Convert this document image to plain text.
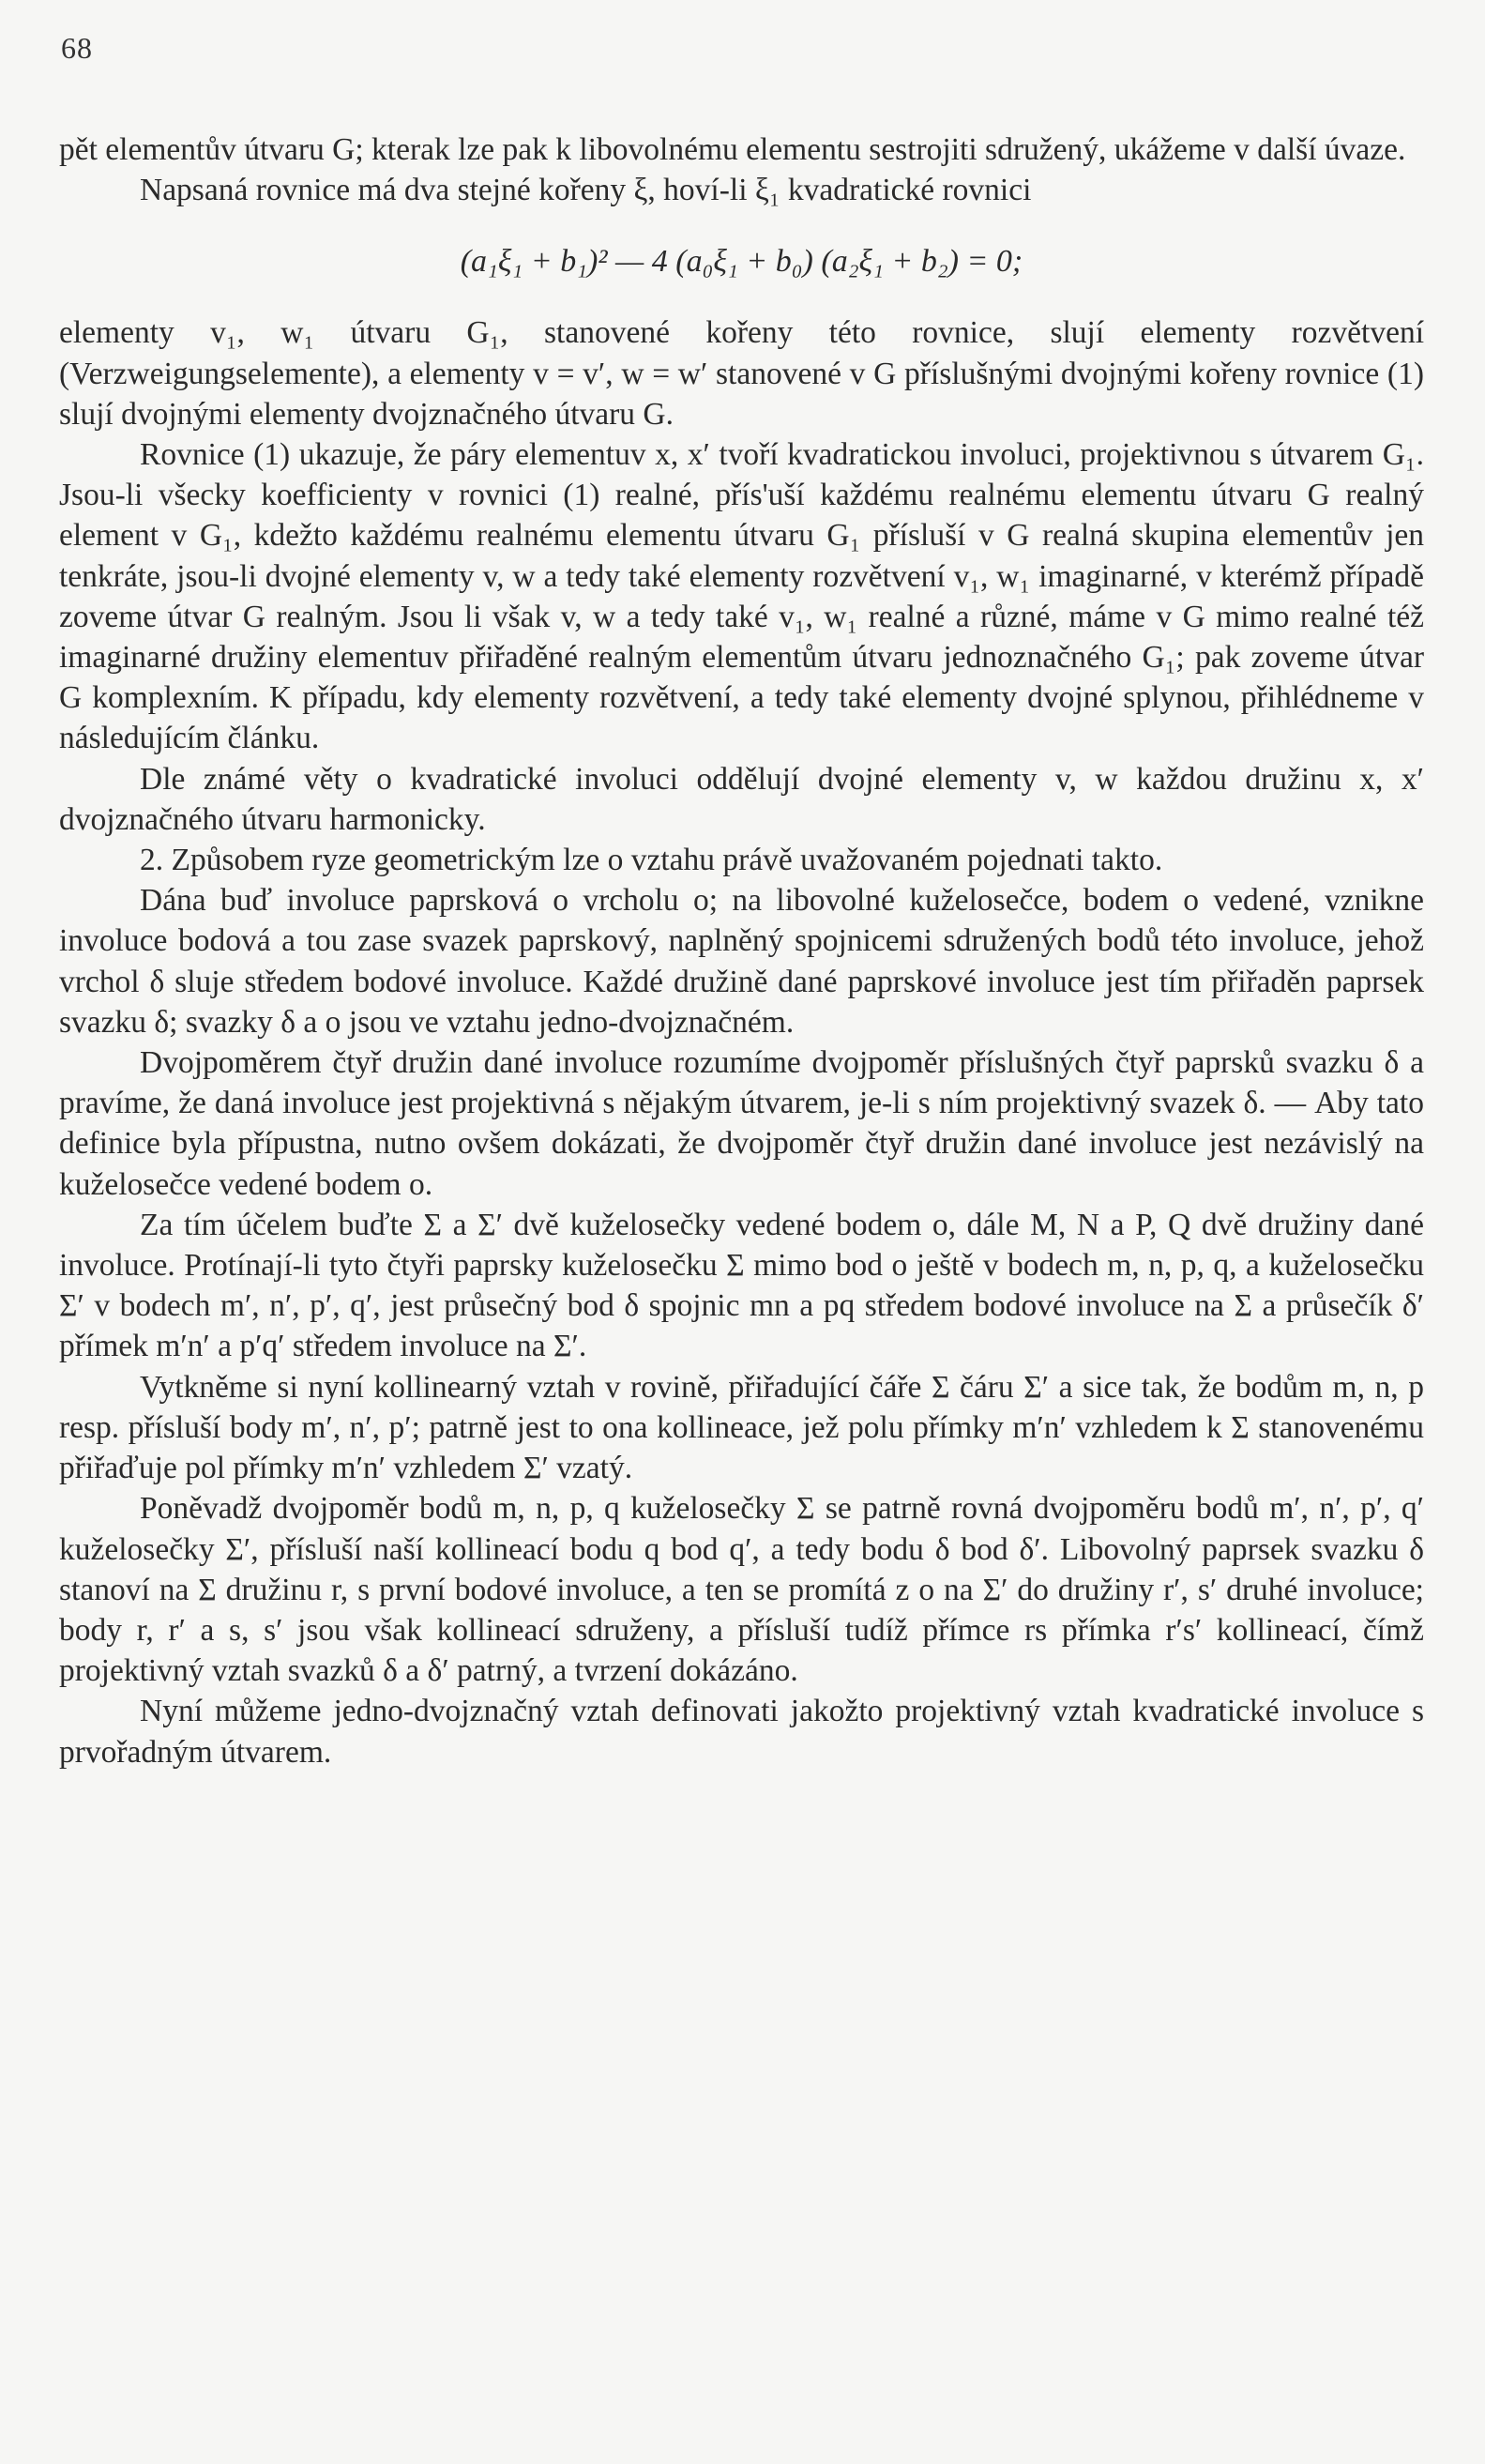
68

pět elementův útvaru G; kterak lze pak k libovolnému elementu sestrojiti sdružený, ukážeme v další úvaze.

Napsaná rovnice má dva stejné kořeny ξ, hoví-li ξ₁ kvadratické rovnici

(a₁ξ₁ + b₁)² — 4 (a₀ξ₁ + b₀) (a₂ξ₁ + b₂) = 0;

elementy v₁, w₁ útvaru G₁, stanovené kořeny této rovnice, slují elementy rozvětvení (Verzweigungselemente), a elementy v = v′, w = w′ stanovené v G příslušnými dvojnými kořeny rovnice (1) slují dvojnými elementy dvojznačného útvaru G.

Rovnice (1) ukazuje, že páry elementuv x, x′ tvoří kvadratickou involuci, projektivnou s útvarem G₁. Jsou-li všecky koefficienty v rovnici (1) realné, přís'uší každému realnému elementu útvaru G realný element v G₁, kdežto každému realnému elementu útvaru G₁ přísluší v G realná skupina elementův jen tenkráte, jsou-li dvojné elementy v, w a tedy také elementy rozvětvení v₁, w₁ imaginarné, v kterémž případě zoveme útvar G realným. Jsou li však v, w a tedy také v₁, w₁ realné a různé, máme v G mimo realné též imaginarné družiny elementuv přiřaděné realným elementům útvaru jednoznačného G₁; pak zoveme útvar G komplexním. K případu, kdy elementy rozvětvení, a tedy také elementy dvojné splynou, přihlédneme v následujícím článku.

Dle známé věty o kvadratické involuci oddělují dvojné elementy v, w každou družinu x, x′ dvojznačného útvaru harmonicky.

2. Způsobem ryze geometrickým lze o vztahu právě uvažovaném pojednati takto.

Dána buď involuce paprsková o vrcholu o; na libovolné kuželosečce, bodem o vedené, vznikne involuce bodová a tou zase svazek paprskový, naplněný spojnicemi sdružených bodů této involuce, jehož vrchol δ sluje středem bodové involuce. Každé družině dané paprskové involuce jest tím přiřaděn paprsek svazku δ; svazky δ a o jsou ve vztahu jedno-dvojznačném.

Dvojpoměrem čtyř družin dané involuce rozumíme dvojpoměr příslušných čtyř paprsků svazku δ a pravíme, že daná involuce jest projektivná s nějakým útvarem, je-li s ním projektivný svazek δ. — Aby tato definice byla přípustna, nutno ovšem dokázati, že dvojpoměr čtyř družin dané involuce jest nezávislý na kuželosečce vedené bodem o.

Za tím účelem buďte Σ a Σ′ dvě kuželosečky vedené bodem o, dále M, N a P, Q dvě družiny dané involuce. Protínají-li tyto čtyři paprsky kuželosečku Σ mimo bod o ještě v bodech m, n, p, q, a kuželosečku Σ′ v bodech m′, n′, p′, q′, jest průsečný bod δ spojnic mn a pq středem bodové involuce na Σ a průsečík δ′ přímek m′n′ a p′q′ středem involuce na Σ′.

Vytkněme si nyní kollinearný vztah v rovině, přiřadující čáře Σ čáru Σ′ a sice tak, že bodům m, n, p resp. přísluší body m′, n′, p′; patrně jest to ona kollineace, jež polu přímky m′n′ vzhledem k Σ stanovenému přiřaďuje pol přímky m′n′ vzhledem Σ′ vzatý.

Poněvadž dvojpoměr bodů m, n, p, q kuželosečky Σ se patrně rovná dvojpoměru bodů m′, n′, p′, q′ kuželosečky Σ′, přísluší naší kollineací bodu q bod q′, a tedy bodu δ bod δ′. Libovolný paprsek svazku δ stanoví na Σ družinu r, s první bodové involuce, a ten se promítá z o na Σ′ do družiny r′, s′ druhé involuce; body r, r′ a s, s′ jsou však kollineací sdruženy, a přísluší tudíž přímce rs přímka r′s′ kollineací, čímž projektivný vztah svazků δ a δ′ patrný, a tvrzení dokázáno.

Nyní můžeme jedno-dvojznačný vztah definovati jakožto projektivný vztah kvadratické involuce s prvořadným útvarem.
